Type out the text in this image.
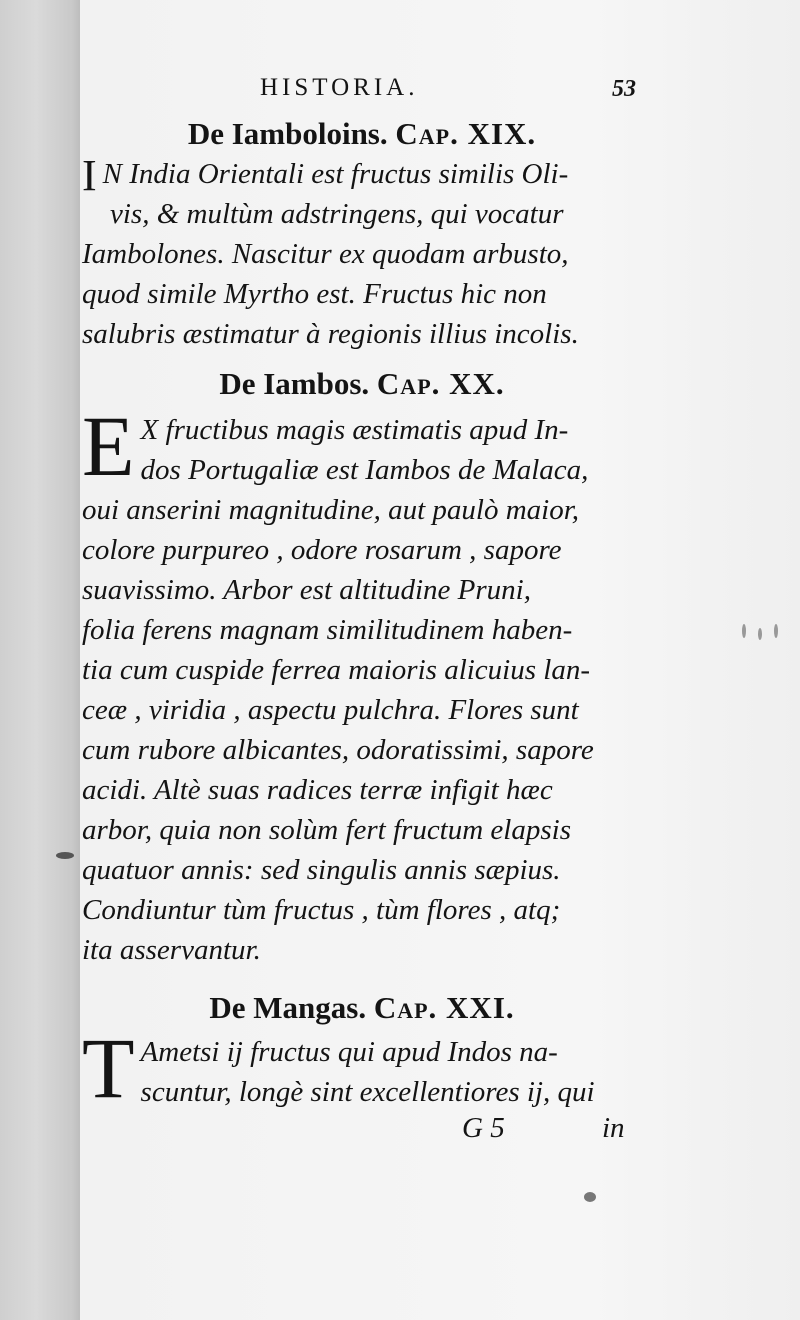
HISTORIA.	53
De Iamboloins. Cap. XIX.
I N India Orientali est fructus similis Oli-
vis, & multùm adstringens, qui vocatur
Iambolones. Nascitur ex quodam arbusto,
quod simile Myrtho est. Fructus hic non
salubris æstimatur à regionis illius incolis.
De Iambos. Cap. XX.
E X fructibus magis æstimatis apud In-
dos Portugaliæ est Iambos de Malaca,
oui anserini magnitudine, aut paulò maior,
colore purpureo , odore rosarum , sapore
suavissimo. Arbor est altitudine Pruni,
folia ferens magnam similitudinem haben-
tia cum cuspide ferrea maioris alicuius lan-
ceæ , viridia , aspectu pulchra. Flores sunt
cum rubore albicantes, odoratissimi, sapore
acidi. Altè suas radices terræ infigit hæc
arbor, quia non solùm fert fructum elapsis
quatuor annis: sed singulis annis sæpius.
Condiuntur tùm fructus , tùm flores , atq;
ita asservantur.
De Mangas. Cap. XXI.
T Ametsi ij fructus qui apud Indos na-
scuntur, longè sint excellentiores ij, qui
G 5	in
